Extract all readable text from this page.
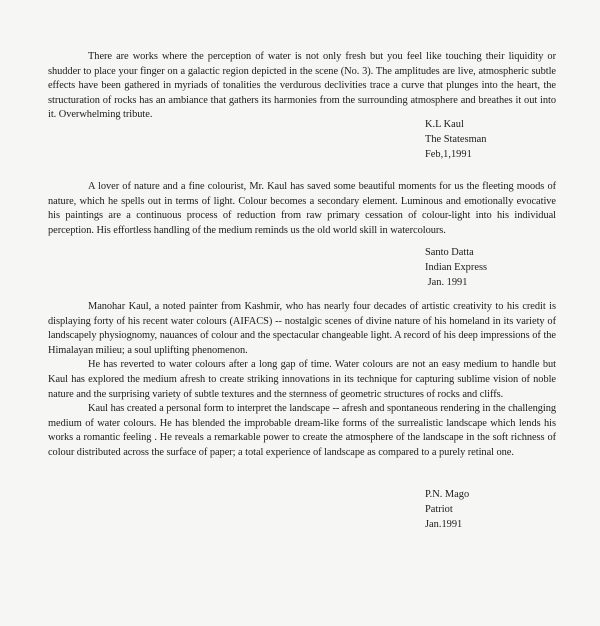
There are works where the perception of water is not only fresh but you feel like touching their liquidity or shudder to place your finger on a galactic region depicted in the scene (No. 3). The amplitudes are live, atmospheric subtle effects have been gathered in myriads of tonalities the verdurous declivities trace a curve that plunges into the heart, the structuration of rocks has an ambiance that gathers its harmonies from the surrounding atmosphere and breathes it out into it. Overwhelming tribute.

K.L Kaul
The Statesman
Feb,1,1991

A lover of nature and a fine colourist, Mr. Kaul has saved some beautiful moments for us the fleeting moods of nature, which he spells out in terms of light. Colour becomes a secondary element. Luminous and emotionally evocative his paintings are a continuous process of reduction from raw primary cessation of colour-light into his individual perception. His effortless handling of the medium reminds us the old world skill in watercolours.

Santo Datta
Indian Express
Jan. 1991

Manohar Kaul, a noted painter from Kashmir, who has nearly four decades of artistic creativity to his credit is displaying forty of his recent water colours (AIFACS) -- nostalgic scenes of divine nature of his homeland in its variety of landscapely physiognomy, nauances of colour and the spectacular changeable light. A record of his deep impressions of the Himalayan milieu; a soul uplifting phenomenon.

He has reverted to water colours after a long gap of time. Water colours are not an easy medium to handle but Kaul has explored the medium afresh to create striking innovations in its technique for capturing sublime vision of noble nature and the surprising variety of subtle textures and the sternness of geometric structures of rocks and cliffs.

Kaul has created a personal form to interpret the landscape -- afresh and spontaneous rendering in the challenging medium of water colours. He has blended the improbable dream-like forms of the surrealistic landscape which lends his works a romantic feeling . He reveals a remarkable power to create the atmosphere of the landscape in the soft richness of colour distributed across the surface of paper; a total experience of landscape as compared to a purely retinal one.

P.N. Mago
Patriot
Jan.1991
